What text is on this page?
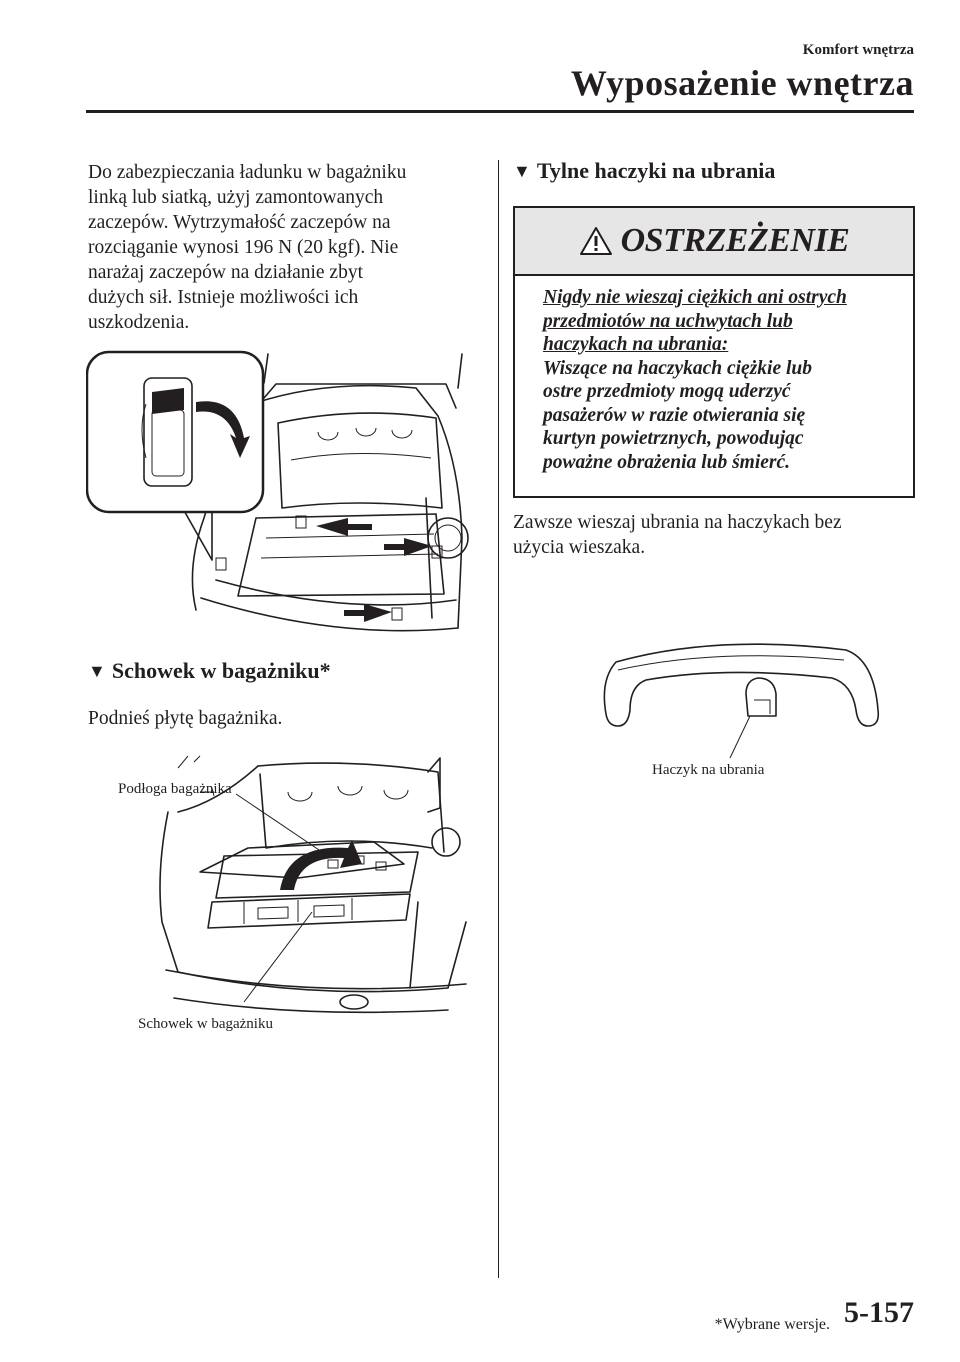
Komfort wnętrza
Wyposażenie wnętrza
Do zabezpieczania ładunku w bagażniku
linką lub siatką, użyj zamontowanych
zaczepów. Wytrzymałość zaczepów na
rozciąganie wynosi 196 N (20 kgf). Nie
narażaj zaczepów na działanie zbyt
dużych sił. Istnieje możliwości ich
uszkodzenia.
▼ Schowek w bagażniku*
Podnieś płytę bagażnika.
Podłoga bagażnika
Schowek w bagażniku
▼ Tylne haczyki na ubrania
OSTRZEŻENIE
Nigdy nie wieszaj ciężkich ani ostrych
przedmiotów na uchwytach lub
haczykach na ubrania:
Wiszące na haczykach ciężkie lub
ostre przedmioty mogą uderzyć
pasażerów w razie otwierania się
kurtyn powietrznych, powodując
poważne obrażenia lub śmierć.
Zawsze wieszaj ubrania na haczykach bez
użycia wieszaka.
Haczyk na ubrania
*Wybrane wersje. 5-157
